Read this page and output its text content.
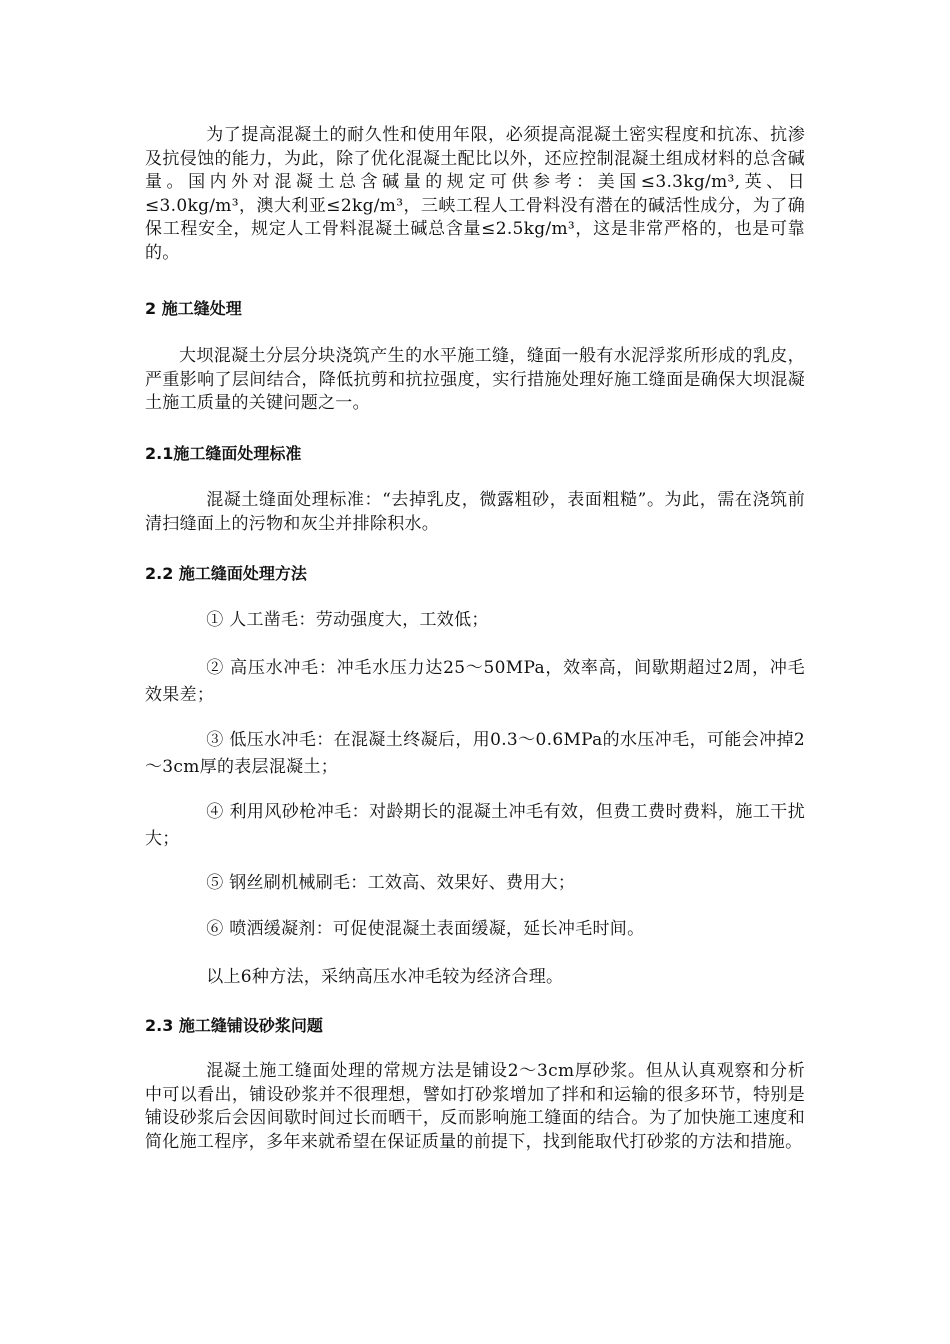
为了提高混凝土的耐久性和使用年限，必须提高混凝土密实程度和抗冻、抗渗及抗侵蚀的能力，为此，除了优化混凝土配比以外，还应控制混凝土组成材料的总含碱量。国内外对混凝土总含碱量的规定可供参考：美国≤3.3kg/m³,英、日≤3.0kg/m³，澳大利亚≤2kg/m³，三峡工程人工骨料没有潜在的碱活性成分，为了确保工程安全，规定人工骨料混凝土碱总含量≤2.5kg/m³，这是非常严格的，也是可靠的。

2 施工缝处理

大坝混凝土分层分块浇筑产生的水平施工缝，缝面一般有水泥浮浆所形成的乳皮，严重影响了层间结合，降低抗剪和抗拉强度，实行措施处理好施工缝面是确保大坝混凝土施工质量的关键问题之一。

2.1施工缝面处理标准

混凝土缝面处理标准：“去掉乳皮，微露粗砂，表面粗糙”。为此，需在浇筑前清扫缝面上的污物和灰尘并排除积水。

2.2 施工缝面处理方法

① 人工凿毛：劳动强度大，工效低；

② 高压水冲毛：冲毛水压力达25～50MPa，效率高，间歇期超过2周，冲毛效果差；

③ 低压水冲毛：在混凝土终凝后，用0.3～0.6MPa的水压冲毛，可能会冲掉2～3cm厚的表层混凝土；

④ 利用风砂枪冲毛：对龄期长的混凝土冲毛有效，但费工费时费料，施工干扰大；

⑤ 钢丝刷机械刷毛：工效高、效果好、费用大；

⑥ 喷洒缓凝剂：可促使混凝土表面缓凝，延长冲毛时间。

以上6种方法，采纳高压水冲毛较为经济合理。

2.3 施工缝铺设砂浆问题

混凝土施工缝面处理的常规方法是铺设2～3cm厚砂浆。但从认真观察和分析中可以看出，铺设砂浆并不很理想，譬如打砂浆增加了拌和和运输的很多环节，特别是铺设砂浆后会因间歇时间过长而晒干，反而影响施工缝面的结合。为了加快施工速度和简化施工程序，多年来就希望在保证质量的前提下，找到能取代打砂浆的方法和措施。
